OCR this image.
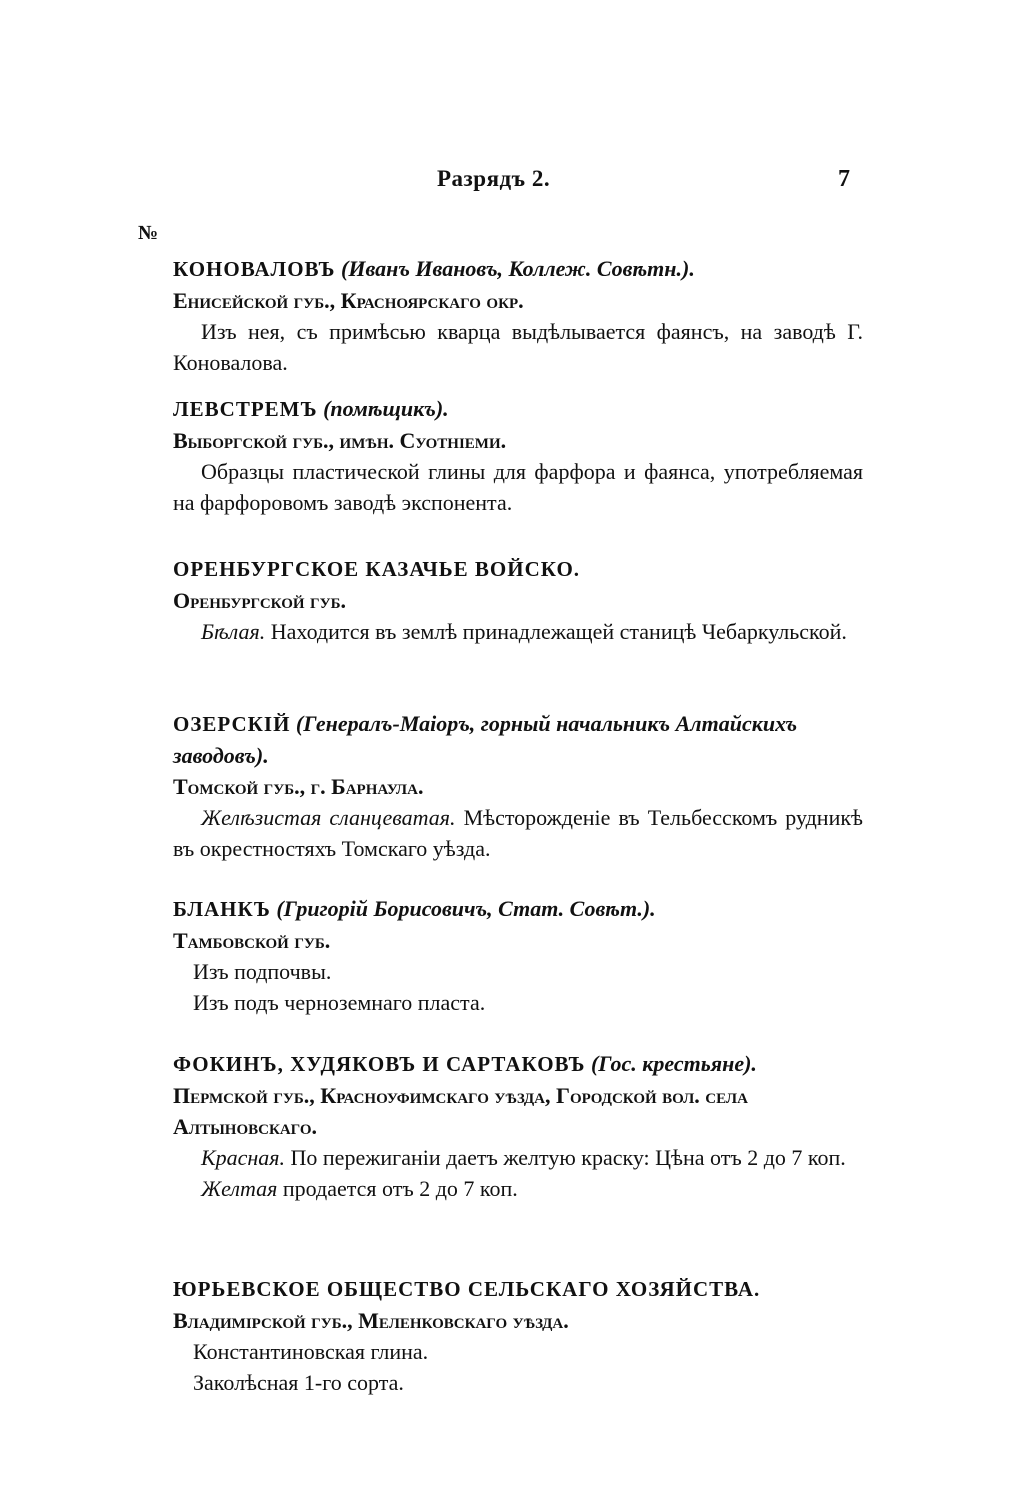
Разрядъ 2.	7
№

КОНОВАЛОВЪ (Иванъ Ивановъ, Коллеж. Совѣтн.).

Енисейской губ., Красноярскаго окр.

Изъ нея, съ примѣсью кварца выдѣлывается фаянсъ, на заводѣ Г. Коновалова.

ЛЕВСТРЕМЪ (помѣщикъ).

Выборгской губ., имѣн. Суотніеми.

Образцы пластической глины для фарфора и фаянса, употребляемая на фарфоровомъ заводѣ экспонента.

ОРЕНБУРГСКОЕ КАЗАЧЬЕ ВОЙСКО.

Оренбургской губ.

Бѣлая. Находится въ землѣ принадлежащей станицѣ Чебаркульской.

ОЗЕРСКІЙ (Генералъ-Маіоръ, горный начальникъ Алтайскихъ заводовъ).

Томской губ., г. Барнаула.

Желѣзистая сланцеватая. Мѣсторожденіе въ Тельбесскомъ рудникѣ въ окрестностяхъ Томскаго уѣзда.

БЛАНКЪ (Григорій Борисовичъ, Стат. Совѣт.).

Тамбовской губ.

Изъ подпочвы.

Изъ подъ черноземнаго пласта.

ФОКИНЪ, ХУДЯКОВЪ И САРТАКОВЪ (Гос. крестьяне).

Пермской губ., Красноуфимскаго уѣзда, Городской вол. села Алтыновскаго.

Красная. По пережиганіи даетъ желтую краску: Цѣна отъ 2 до 7 коп.

Желтая продается отъ 2 до 7 коп.

ЮРЬЕВСКОЕ ОБЩЕСТВО СЕЛЬСКАГО ХОЗЯЙСТВА.

Владимірской губ., Меленковскаго уѣзда.

Константиновская глина.

Заколѣсная 1-го сорта.
